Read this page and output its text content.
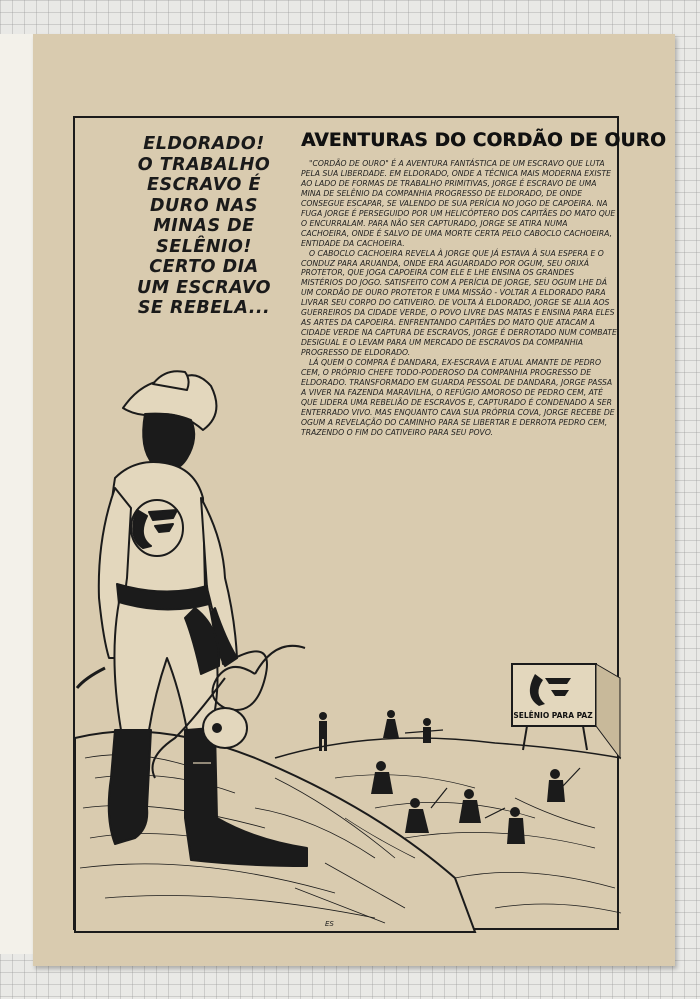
ES
ELDORADO!
O TRABALHO
ESCRAVO É
DURO NAS
MINAS DE
SELÊNIO!
CERTO DIA
UM ESCRAVO
SE REBELA...
AVENTURAS DO CORDÃO DE OURO

"CORDÃO DE OURO" É A AVENTURA FANTÁSTICA DE UM ESCRAVO QUE LUTA PELA SUA LIBERDADE. EM ELDORADO, ONDE A TÉCNICA MAIS MODERNA EXISTE AO LADO DE FORMAS DE TRABALHO PRIMITIVAS, JORGE É ESCRAVO DE UMA MINA DE SELÊNIO DA COMPANHIA PROGRESSO DE ELDORADO, DE ONDE CONSEGUE ESCAPAR, SE VALENDO DE SUA PERÍCIA NO JOGO DE CAPOEIRA. NA FUGA JORGE É PERSEGUIDO POR UM HELICÓPTERO DOS CAPITÃES DO MATO QUE O ENCURRALAM. PARA NÃO SER CAPTURADO, JORGE SE ATIRA NUMA CACHOEIRA, ONDE É SALVO DE UMA MORTE CERTA PELO CABOCLO CACHOEIRA, ENTIDADE DA CACHOEIRA.

O CABOCLO CACHOEIRA REVELA À JORGE QUE JÁ ESTAVA À SUA ESPERA E O CONDUZ PARA ARUANDA, ONDE ERA AGUARDADO POR OGUM, SEU ORIXÁ PROTETOR, QUE JOGA CAPOEIRA COM ELE E LHE ENSINA OS GRANDES MISTÉRIOS DO JOGO. SATISFEITO COM A PERÍCIA DE JORGE, SEU OGUM LHE DÁ UM CORDÃO DE OURO PROTETOR E UMA MISSÃO - VOLTAR A ELDORADO PARA LIVRAR SEU CORPO DO CATIVEIRO. DE VOLTA À ELDORADO, JORGE SE ALIA AOS GUERREIROS DA CIDADE VERDE, O POVO LIVRE DAS MATAS E ENSINA PARA ELES AS ARTES DA CAPOEIRA. ENFRENTANDO CAPITÃES DO MATO QUE ATACAM A CIDADE VERDE NA CAPTURA DE ESCRAVOS, JORGE É DERROTADO NUM COMBATE DESIGUAL E O LEVAM PARA UM MERCADO DE ESCRAVOS DA COMPANHIA PROGRESSO DE ELDORADO.

LÁ QUEM O COMPRA É DANDARA, EX-ESCRAVA E ATUAL AMANTE DE PEDRO CEM, O PRÓPRIO CHEFE TODO-PODEROSO DA COMPANHIA PROGRESSO DE ELDORADO. TRANSFORMADO EM GUARDA PESSOAL DE DANDARA, JORGE PASSA A VIVER NA FAZENDA MARAVILHA, O REFÚGIO AMOROSO DE PEDRO CEM, ATÉ QUE LIDERA UMA REBELIÃO DE ESCRAVOS E, CAPTURADO É CONDENADO A SER ENTERRADO VIVO. MAS ENQUANTO CAVA SUA PRÓPRIA COVA, JORGE RECEBE DE OGUM A REVELAÇÃO DO CAMINHO PARA SE LIBERTAR E DERROTA PEDRO CEM, TRAZENDO O FIM DO CATIVEIRO PARA SEU POVO.

SELÊNIO PARA PAZ
